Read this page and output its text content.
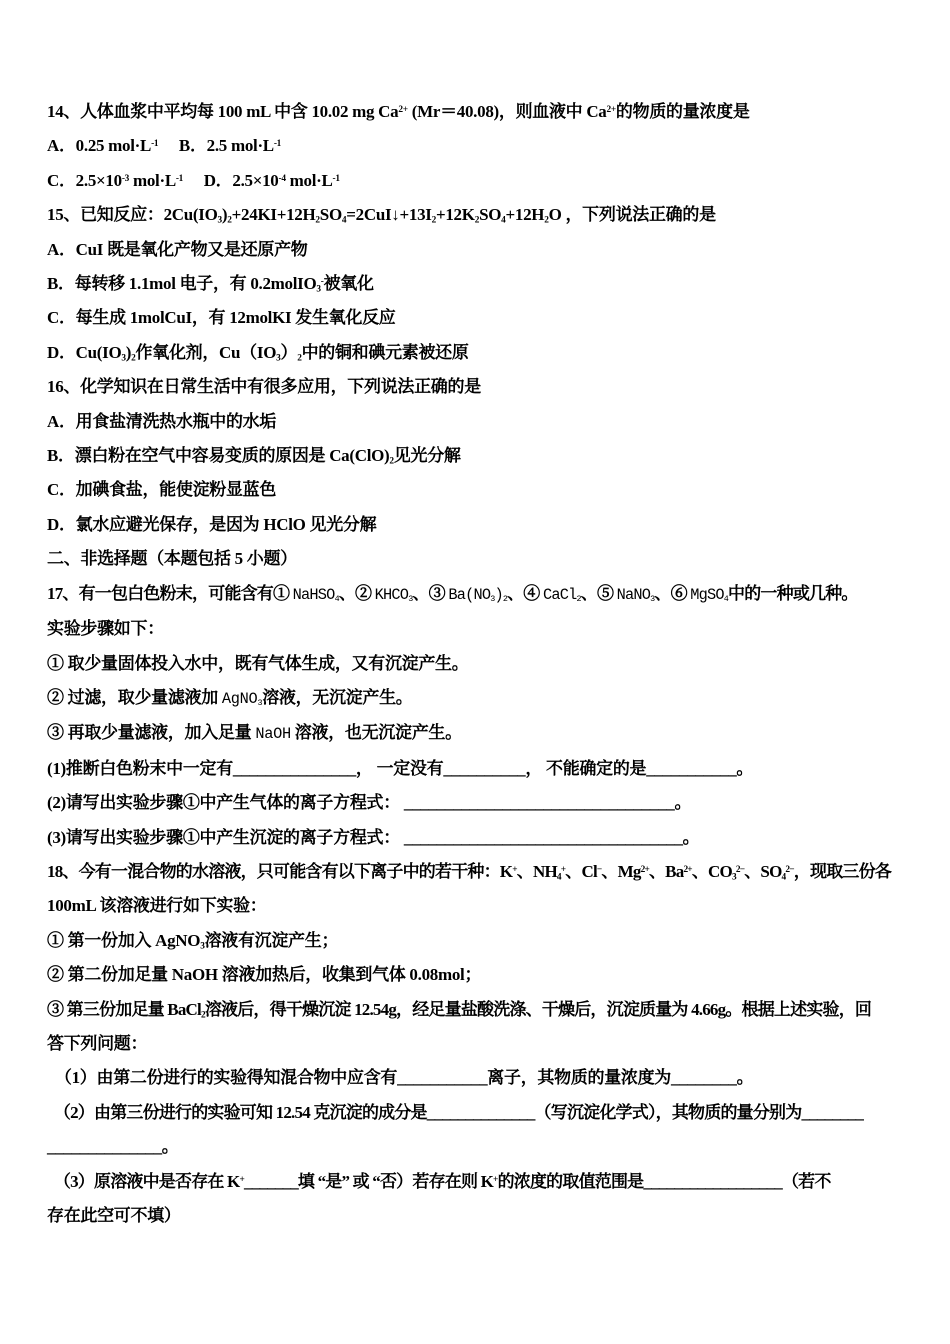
14、人体血浆中平均每 100 mL 中含 10.02 mg $Ca^{2+}$ (Mr＝40.08)，则血液中 $Ca^{2+}$的物质的量浓度是
A．0.25 $mol\cdot L^{-1}$　 B．2.5 $mol\cdot L^{-1}$
C．$2.5\times 10^{-3}$ $mol\cdot L^{-1}$　 D．$2.5\times 10^{-4}$ $mol\cdot L^{-1}$
15、已知反应：$2Cu(IO_3)_2+24KI+12H_2SO_4=2CuI↓+13I_2+12K_2SO_4+12H_2O$ ，下列说法正确的是
A．CuI 既是氧化产物又是还原产物
B．每转移 1.1mol 电子，有 0.2molIO$_3$-被氧化
C．每生成 1molCuI，有 12molKI 发生氧化反应
D．$Cu(IO_3)_2$作氧化剂，$Cu(IO_3)_2$中的铜和碘元素被还原
16、化学知识在日常生活中有很多应用，下列说法正确的是
A．用食盐清洗热水瓶中的水垢
B．漂白粉在空气中容易变质的原因是 $Ca(ClO)_2$见光分解
C．加碘食盐，能使淀粉显蓝色
D．氯水应避光保存，是因为 HClO 见光分解
二、非选择题（本题包括 5 小题）
17、有一包白色粉末，可能含有① NaHSO$_4$、② $KHCO_3$、③ $Ba(NO_3)_2$、④ CaCl$_2$、⑤ NaNO$_3$、⑥ MgSO$_4$中的一种或几种。
实验步骤如下：
① 取少量固体投入水中，既有气体生成，又有沉淀产生。
② 过滤，取少量滤液加 AgNO$_3$溶液，无沉淀产生。
③ 再取少量滤液，加入足量 NaOH 溶液，也无沉淀产生。
(1)推断白色粉末中一定有_______________， 一定没有__________， 不能确定的是___________。
(2)请写出实验步骤①中产生气体的离子方程式： _________________________________。
(3)请写出实验步骤①中产生沉淀的离子方程式： __________________________________。
18、今有一混合物的水溶液，只可能含有以下离子中的若干种：K+、$NH_4^+$、Cl−、$Mg^{2+}$、$Ba^{2+}$、$CO_3^{2-}$、$SO_4^{2-}$，现取三份各
100mL 该溶液进行如下实验：
① 第一份加入 AgNO$_3$溶液有沉淀产生；
② 第二份加足量 NaOH 溶液加热后，收集到气体 0.08mol；
③ 第三份加足量 BaCl$_2$溶液后，得干燥沉淀 12.54g，经足量盐酸洗涤、干燥后，沉淀质量为 4.66g。根据上述实验，回
答下列问题：
（1）由第二份进行的实验得知混合物中应含有___________离子，其物质的量浓度为________。
（2）由第三份进行的实验可知 12.54 克沉淀的成分是______________（写沉淀化学式），其物质的量分别为________
______________。
（3）原溶液中是否存在 K+_______填 “是” 或 “否）若存在则 K+的浓度的取值范围是__________________（若不
存在此空可不填）
